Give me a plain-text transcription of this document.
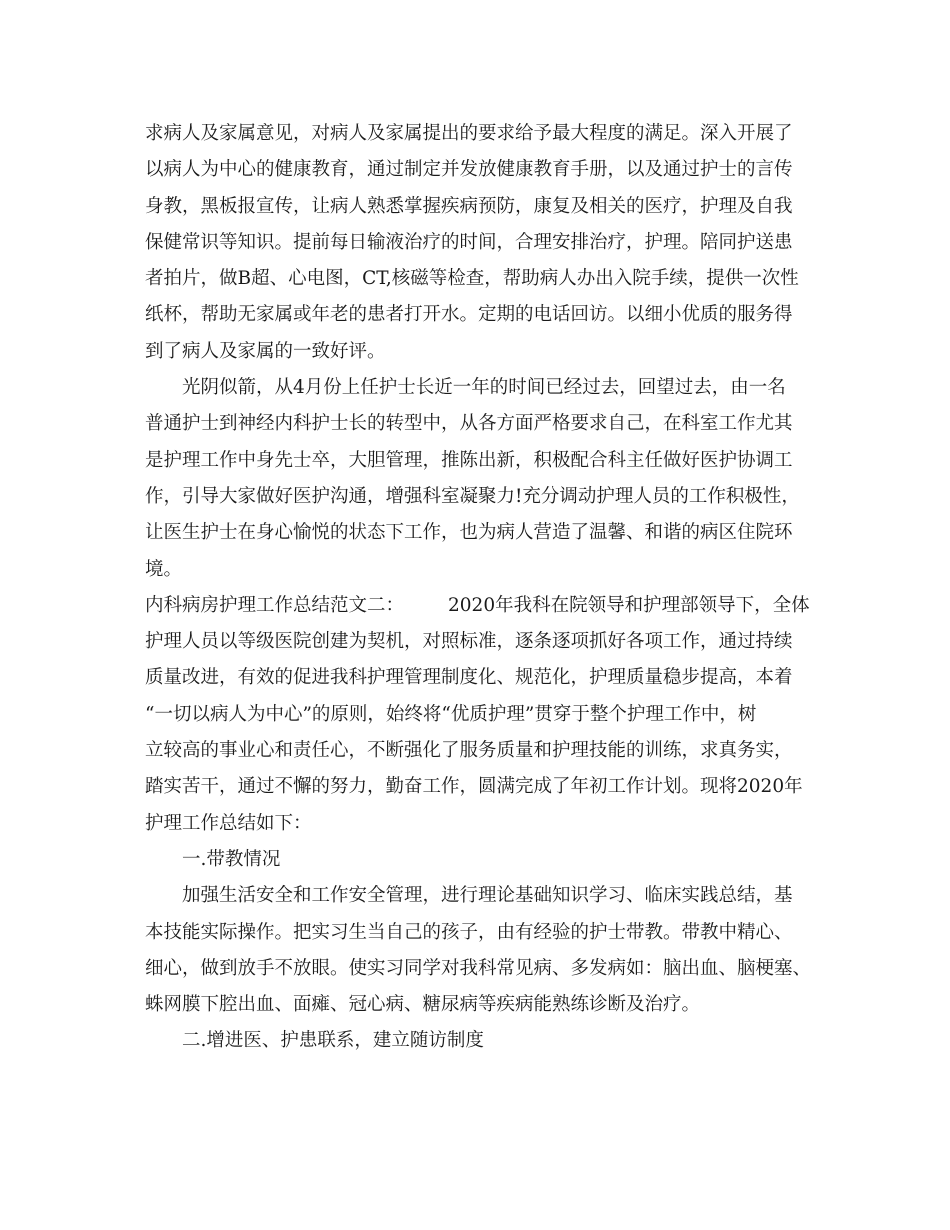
求病人及家属意见，对病人及家属提出的要求给予最大程度的满足。深入开展了
以病人为中心的健康教育，通过制定并发放健康教育手册，以及通过护士的言传
身教，黑板报宣传，让病人熟悉掌握疾病预防，康复及相关的医疗，护理及自我
保健常识等知识。提前每日输液治疗的时间，合理安排治疗，护理。陪同护送患
者拍片，做B超、心电图，CT,核磁等检查，帮助病人办出入院手续，提供一次性
纸杯，帮助无家属或年老的患者打开水。定期的电话回访。以细小优质的服务得
到了病人及家属的一致好评。
光阴似箭，从4月份上任护士长近一年的时间已经过去，回望过去，由一名
普通护士到神经内科护士长的转型中，从各方面严格要求自己，在科室工作尤其
是护理工作中身先士卒，大胆管理，推陈出新，积极配合科主任做好医护协调工
作，引导大家做好医护沟通，增强科室凝聚力!充分调动护理人员的工作积极性，
让医生护士在身心愉悦的状态下工作，也为病人营造了温馨、和谐的病区住院环
境。
内科病房护理工作总结范文二： 2020年我科在院领导和护理部领导下，全体
护理人员以等级医院创建为契机，对照标准，逐条逐项抓好各项工作，通过持续
质量改进，有效的促进我科护理管理制度化、规范化，护理质量稳步提高，本着
“一切以病人为中心”的原则，始终将“优质护理”贯穿于整个护理工作中，树
立较高的事业心和责任心，不断强化了服务质量和护理技能的训练，求真务实，
踏实苦干，通过不懈的努力，勤奋工作，圆满完成了年初工作计划。现将2020年
护理工作总结如下：
一.带教情况
加强生活安全和工作安全管理，进行理论基础知识学习、临床实践总结，基
本技能实际操作。把实习生当自己的孩子，由有经验的护士带教。带教中精心、
细心，做到放手不放眼。使实习同学对我科常见病、多发病如：脑出血、脑梗塞、
蛛网膜下腔出血、面瘫、冠心病、糖尿病等疾病能熟练诊断及治疗。
二.增进医、护患联系，建立随访制度
